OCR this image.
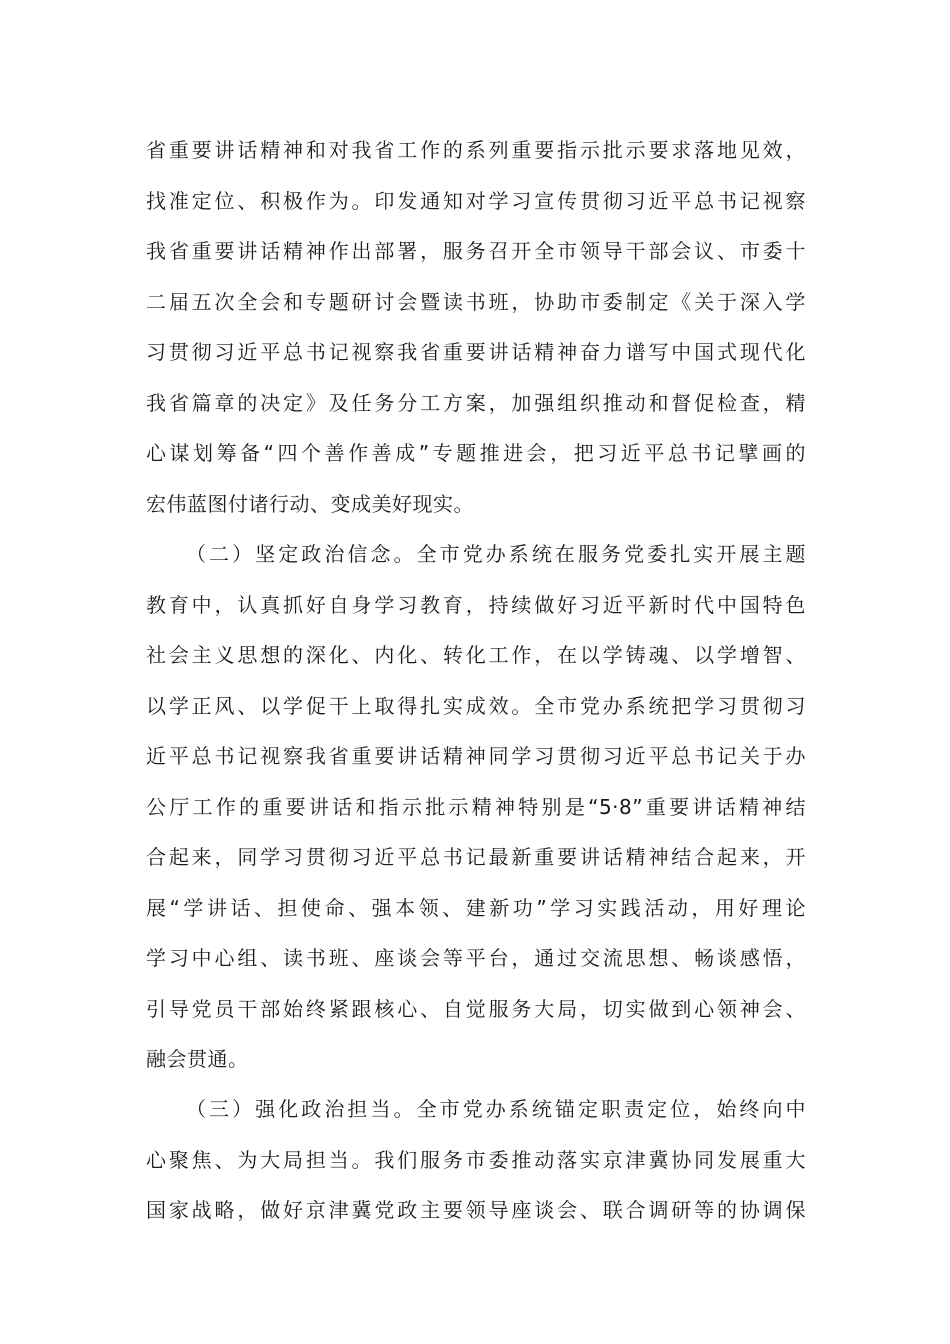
省重要讲话精神和对我省工作的系列重要指示批示要求落地见效，
找准定位、积极作为。印发通知对学习宣传贯彻习近平总书记视察
我省重要讲话精神作出部署，服务召开全市领导干部会议、市委十
二届五次全会和专题研讨会暨读书班，协助市委制定《关于深入学
习贯彻习近平总书记视察我省重要讲话精神奋力谱写中国式现代化
我省篇章的决定》及任务分工方案，加强组织推动和督促检查，精
心谋划筹备“四个善作善成”专题推进会，把习近平总书记擘画的
宏伟蓝图付诸行动、变成美好现实。
（二）坚定政治信念。全市党办系统在服务党委扎实开展主题
教育中，认真抓好自身学习教育，持续做好习近平新时代中国特色
社会主义思想的深化、内化、转化工作，在以学铸魂、以学增智、
以学正风、以学促干上取得扎实成效。全市党办系统把学习贯彻习
近平总书记视察我省重要讲话精神同学习贯彻习近平总书记关于办
公厅工作的重要讲话和指示批示精神特别是“5·8”重要讲话精神结
合起来，同学习贯彻习近平总书记最新重要讲话精神结合起来，开
展“学讲话、担使命、强本领、建新功”学习实践活动，用好理论
学习中心组、读书班、座谈会等平台，通过交流思想、畅谈感悟，
引导党员干部始终紧跟核心、自觉服务大局，切实做到心领神会、
融会贯通。
（三）强化政治担当。全市党办系统锚定职责定位，始终向中
心聚焦、为大局担当。我们服务市委推动落实京津冀协同发展重大
国家战略，做好京津冀党政主要领导座谈会、联合调研等的协调保
